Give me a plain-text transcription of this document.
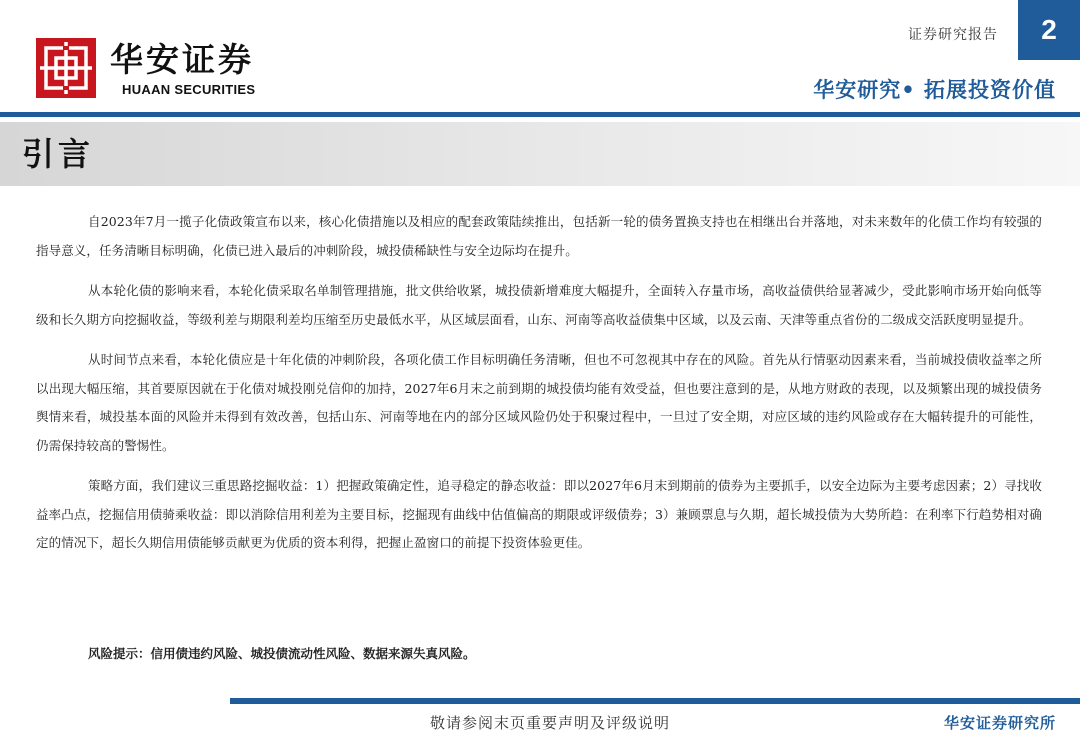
华安证券
HUAAN SECURITIES
证券研究报告	2
华安研究• 拓展投资价值
引言

自2023年7月一揽子化债政策宣布以来，核心化债措施以及相应的配套政策陆续推出，包括新一轮的债务置换支持也在相继出台并落地，对未来数年的化债工作均有较强的指导意义，任务清晰目标明确，化债已进入最后的冲刺阶段，城投债稀缺性与安全边际均在提升。

从本轮化债的影响来看，本轮化债采取名单制管理措施，批文供给收紧，城投债新增难度大幅提升，全面转入存量市场，高收益债供给显著减少，受此影响市场开始向低等级和长久期方向挖掘收益，等级利差与期限利差均压缩至历史最低水平，从区域层面看，山东、河南等高收益债集中区域，以及云南、天津等重点省份的二级成交活跃度明显提升。

从时间节点来看，本轮化债应是十年化债的冲刺阶段，各项化债工作目标明确任务清晰，但也不可忽视其中存在的风险。首先从行情驱动因素来看，当前城投债收益率之所以出现大幅压缩，其首要原因就在于化债对城投刚兑信仰的加持，2027年6月末之前到期的城投债均能有效受益，但也要注意到的是，从地方财政的表现，以及频繁出现的城投债务舆情来看，城投基本面的风险并未得到有效改善，包括山东、河南等地在内的部分区域风险仍处于积聚过程中，一旦过了安全期，对应区域的违约风险或存在大幅转提升的可能性，仍需保持较高的警惕性。

策略方面，我们建议三重思路挖掘收益：1）把握政策确定性，追寻稳定的静态收益：即以2027年6月末到期前的债券为主要抓手，以安全边际为主要考虑因素；2）寻找收益率凸点，挖掘信用债骑乘收益：即以消除信用利差为主要目标，挖掘现有曲线中估值偏高的期限或评级债券；3）兼顾票息与久期，超长城投债为大势所趋：在利率下行趋势相对确定的情况下，超长久期信用债能够贡献更为优质的资本利得，把握止盈窗口的前提下投资体验更佳。

风险提示：信用债违约风险、城投债流动性风险、数据来源失真风险。
敬请参阅末页重要声明及评级说明	华安证券研究所
